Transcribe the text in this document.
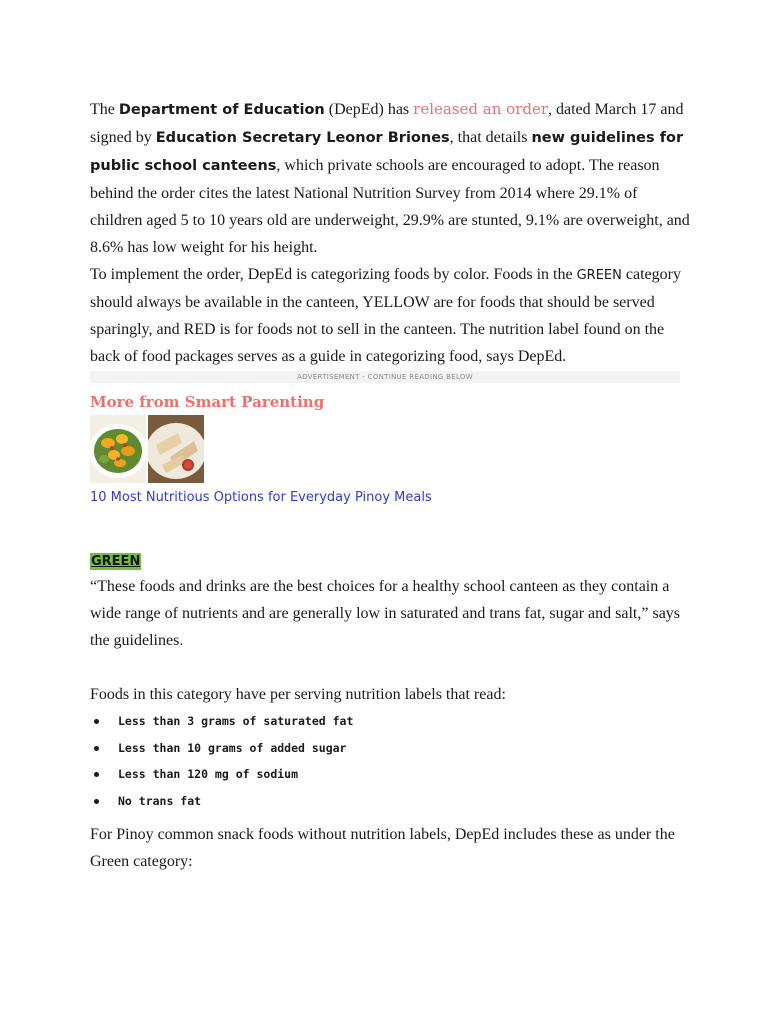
The Department of Education (DepEd) has released an order, dated March 17 and signed by Education Secretary Leonor Briones, that details new guidelines for public school canteens, which private schools are encouraged to adopt. The reason behind the order cites the latest National Nutrition Survey from 2014 where 29.1% of children aged 5 to 10 years old are underweight, 29.9% are stunted, 9.1% are overweight, and 8.6% has low weight for his height.

To implement the order, DepEd is categorizing foods by color. Foods in the GREEN category should always be available in the canteen, YELLOW are for foods that should be served sparingly, and RED is for foods not to sell in the canteen. The nutrition label found on the back of food packages serves as a guide in categorizing food, says DepEd.

ADVERTISEMENT - CONTINUE READING BELOW
More from Smart Parenting
10 Most Nutritious Options for Everyday Pinoy Meals
GREEN

“These foods and drinks are the best choices for a healthy school canteen as they contain a wide range of nutrients and are generally low in saturated and trans fat, sugar and salt,” says the guidelines.

Foods in this category have per serving nutrition labels that read:

Less than 3 grams of saturated fat
Less than 10 grams of added sugar
Less than 120 mg of sodium
No trans fat

For Pinoy common snack foods without nutrition labels, DepEd includes these as under the Green category:
